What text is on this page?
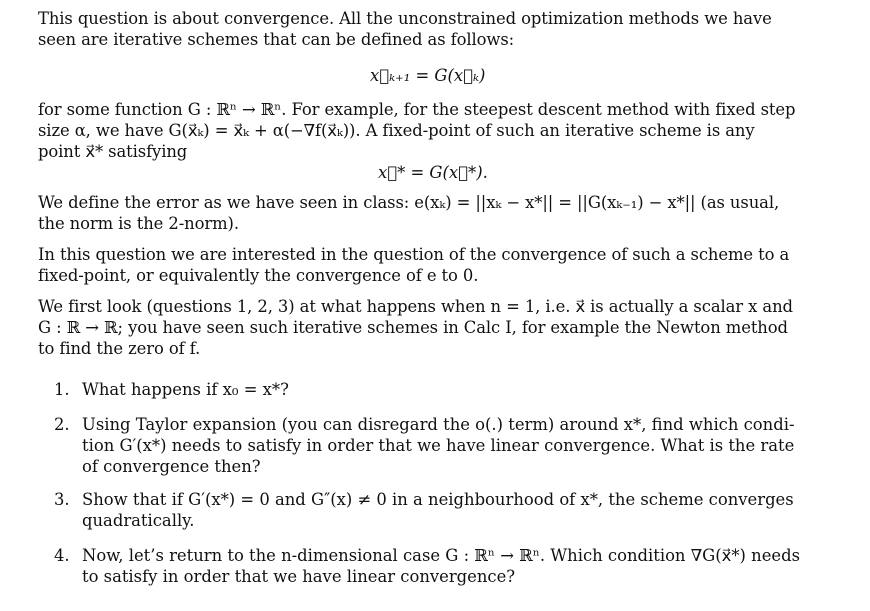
This question is about convergence. All the unconstrained optimization methods we have
seen are iterative schemes that can be defined as follows:
x⃗ₖ₊₁ = G(x⃗ₖ)
for some function G : ℝⁿ → ℝⁿ. For example, for the steepest descent method with fixed step
size α, we have G(x⃗ₖ) = x⃗ₖ + α(−∇f(x⃗ₖ)). A fixed-point of such an iterative scheme is any
point x⃗* satisfying
x⃗* = G(x⃗*).
We define the error as we have seen in class: e(xₖ) = ||xₖ − x*|| = ||G(xₖ₋₁) − x*|| (as usual,
the norm is the 2-norm).
In this question we are interested in the question of the convergence of such a scheme to a
fixed-point, or equivalently the convergence of e to 0.
We first look (questions 1, 2, 3) at what happens when n = 1, i.e. x⃗ is actually a scalar x and
G : ℝ → ℝ; you have seen such iterative schemes in Calc I, for example the Newton method
to find the zero of f.
1. What happens if x₀ = x*?
2. Using Taylor expansion (you can disregard the o(.) term) around x*, find which condi-
tion G′(x*) needs to satisfy in order that we have linear convergence. What is the rate
of convergence then?
3. Show that if G′(x*) = 0 and G″(x) ≠ 0 in a neighbourhood of x*, the scheme converges
quadratically.
4. Now, let’s return to the n-dimensional case G : ℝⁿ → ℝⁿ. Which condition ∇G(x⃗*) needs
to satisfy in order that we have linear convergence?
